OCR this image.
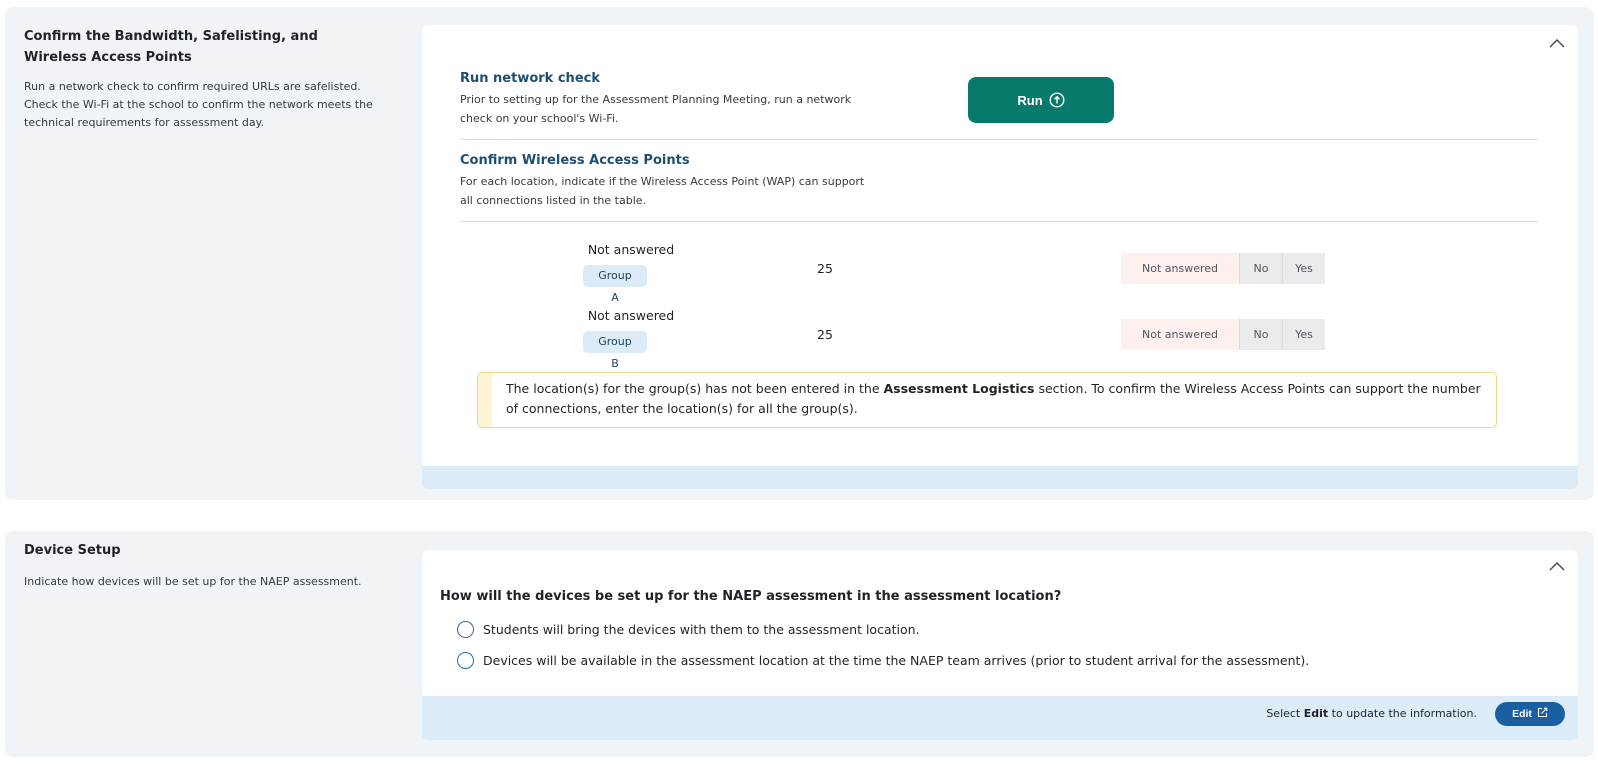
Confirm the Bandwidth, Safelisting, and Wireless Access Points
Run a network check to confirm required URLs are safelisted. Check the Wi-Fi at the school to confirm the network meets the technical requirements for assessment day.
Run network check
Prior to setting up for the Assessment Planning Meeting, run a network check on your school's Wi-Fi.
Run
Confirm Wireless Access Points
For each location, indicate if the Wireless Access Point (WAP) can support all connections listed in the table.
Not answered
Group A
25	Not answered	No	Yes
Not answered
Group B
25	Not answered	No	Yes
The location(s) for the group(s) has not been entered in the Assessment Logistics section. To confirm the Wireless Access Points can support the number of connections, enter the location(s) for all the group(s).
Device Setup
Indicate how devices will be set up for the NAEP assessment.
How will the devices be set up for the NAEP assessment in the assessment location?
Students will bring the devices with them to the assessment location.
Devices will be available in the assessment location at the time the NAEP team arrives (prior to student arrival for the assessment).
Select Edit to update the information.	Edit
